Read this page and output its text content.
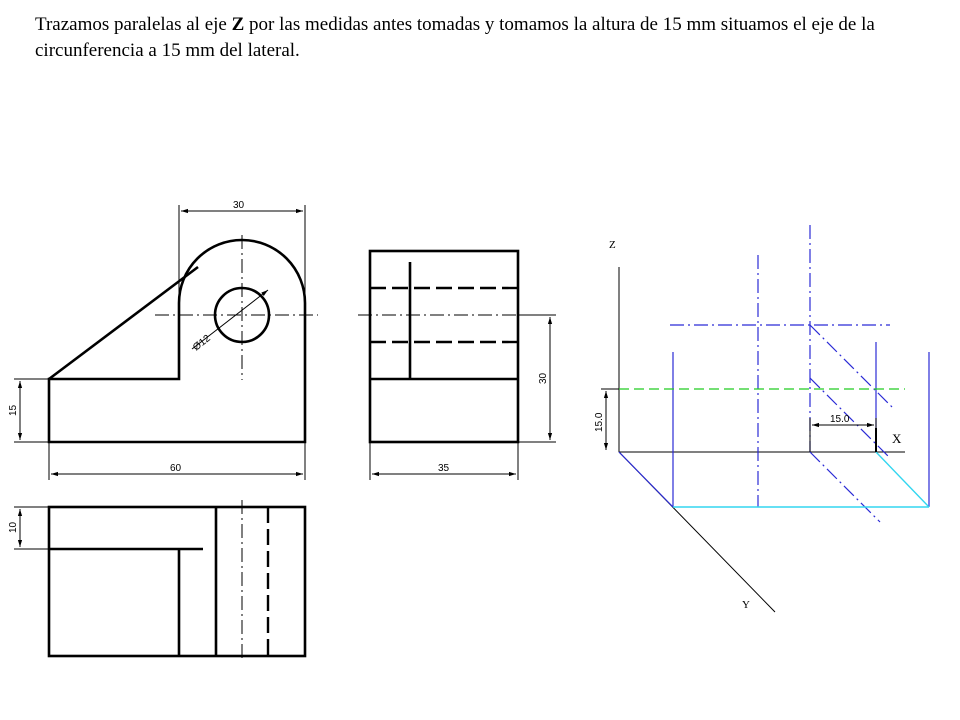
Trazamos paralelas al eje Z por las medidas antes tomadas y tomamos la altura de 15 mm situamos el eje de la circunferencia a 15 mm del lateral.
30
Ø12
15
60
30
35
10
Z
X
Y
15.0	15.0
